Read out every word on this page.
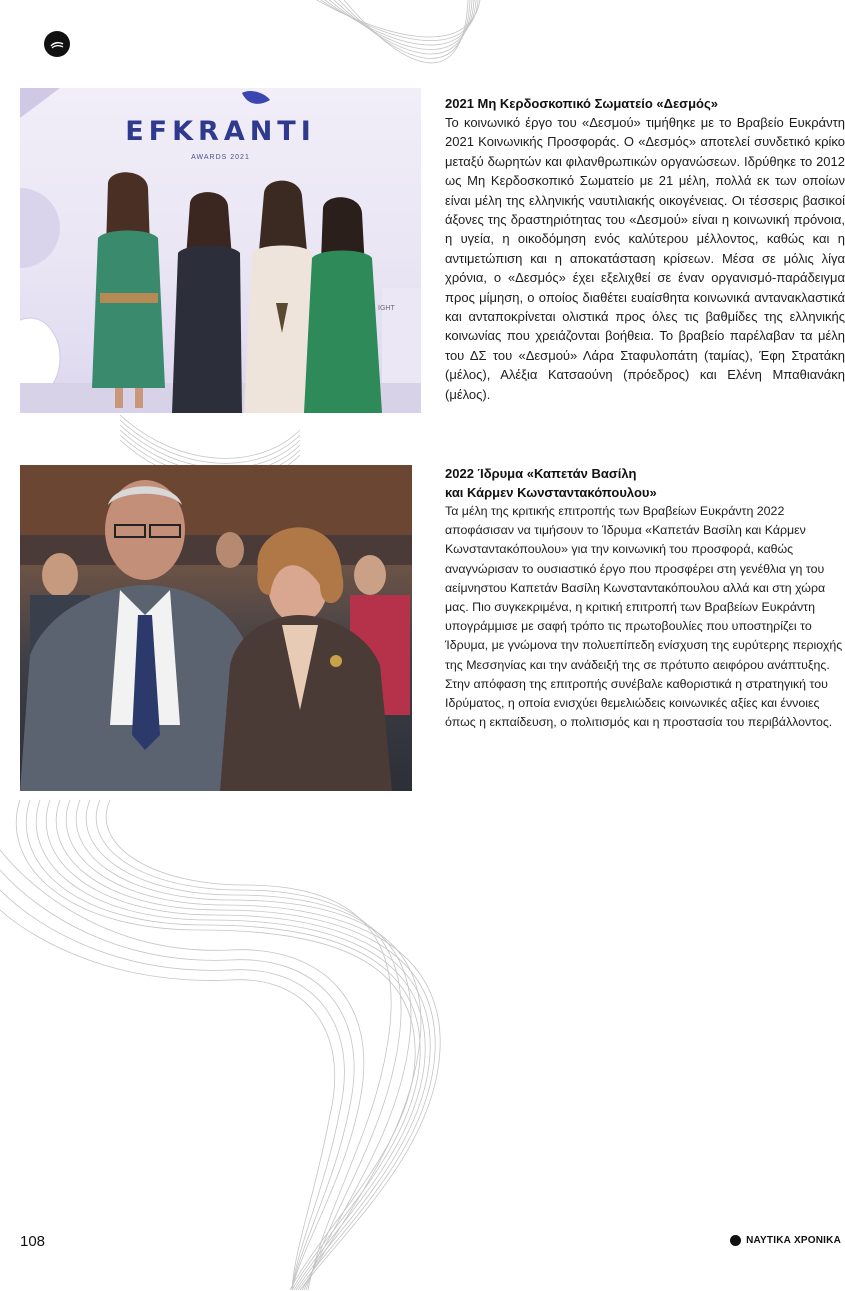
IGHT
EFKRANTI
AWARDS 2021
2021 Μη Κερδοσκοπικό Σωματείο «Δεσμός»

Το κοινωνικό έργο του «Δεσμού» τιμήθηκε με το Βραβείο Ευκράντη 2021 Κοινωνικής Προσφοράς. Ο «Δεσμός» αποτελεί συνδετικό κρίκο μεταξύ δωρητών και φιλανθρωπικών οργανώσεων. Ιδρύθηκε το 2012 ως Μη Κερδοσκοπικό Σωματείο με 21 μέλη, πολλά εκ των οποίων είναι μέλη της ελληνικής ναυτιλιακής οικογένειας. Οι τέσσερις βασικοί άξονες της δραστηριότητας του «Δεσμού» είναι η κοινωνική πρόνοια, η υγεία, η οικοδόμηση ενός καλύτερου μέλλοντος, καθώς και η αντιμετώπιση και η αποκατάσταση κρίσεων. Μέσα σε μόλις λίγα χρόνια, ο «Δεσμός» έχει εξελιχθεί σε έναν οργανισμό-παράδειγμα προς μίμηση, ο οποίος διαθέτει ευαίσθητα κοινωνικά αντανακλαστικά και ανταποκρίνεται ολιστικά προς όλες τις βαθμίδες της ελληνικής κοινωνίας που χρειάζονται βοήθεια. Το βραβείο παρέλαβαν τα μέλη του ΔΣ του «Δεσμού» Λάρα Σταφυλοπάτη (ταμίας), Έφη Στρατάκη (μέλος), Αλέξια Κατσαούνη (πρόεδρος) και Ελένη Μπαθιανάκη (μέλος).

2022 Ίδρυμα «Καπετάν Βασίλη
και Κάρμεν Κωνσταντακόπουλου»

Τα μέλη της κριτικής επιτροπής των Βραβείων Ευκράντη 2022 αποφάσισαν να τιμήσουν το Ίδρυμα «Καπετάν Βασίλη και Κάρμεν Κωνσταντακόπουλου» για την κοινωνική του προσφορά, καθώς αναγνώρισαν το ουσιαστικό έργο που προσφέρει στη γενέθλια γη του αείμνηστου Καπετάν Βασίλη Κωνσταντακόπουλου αλλά και στη χώρα μας. Πιο συγκεκριμένα, η κριτική επιτροπή των Βραβείων Ευκράντη υπογράμμισε με σαφή τρόπο τις πρωτοβουλίες που υποστηρίζει το Ίδρυμα, με γνώμονα την πολυεπίπεδη ενίσχυση της ευρύτερης περιοχής της Μεσσηνίας και την ανάδειξή της σε πρότυπο αειφόρου ανάπτυξης. Στην απόφαση της επιτροπής συνέβαλε καθοριστικά η στρατηγική του Ιδρύματος, η οποία ενισχύει θεμελιώδεις κοινωνικές αξίες και έννοιες όπως η εκπαίδευση, ο πολιτισμός και η προστασία του περιβάλλοντος.

108	ΝΑΥΤΙΚΑ ΧΡΟΝΙΚΑ
